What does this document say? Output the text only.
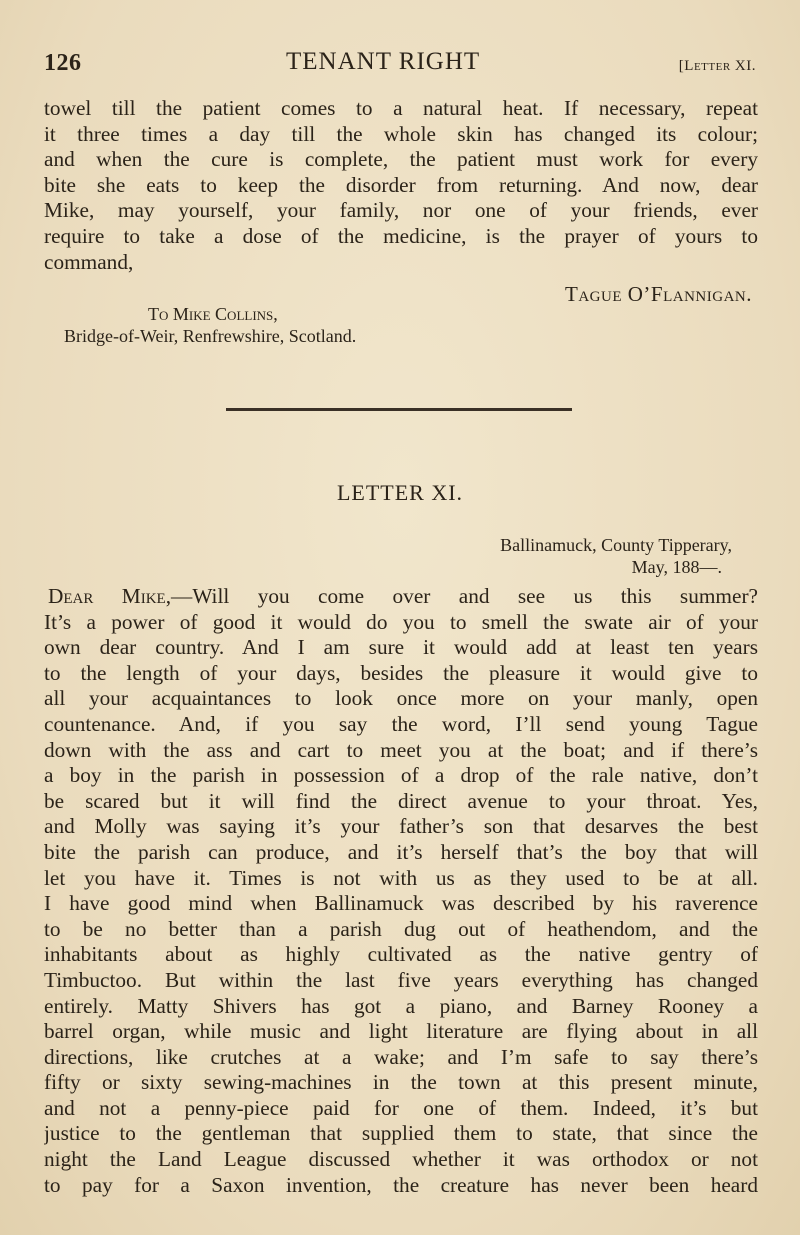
126	TENANT RIGHT	[Letter XI.
towel till the patient comes to a natural heat. If necessary, repeat
it three times a day till the whole skin has changed its colour;
and when the cure is complete, the patient must work for every
bite she eats to keep the disorder from returning. And now, dear
Mike, may yourself, your family, nor one of your friends, ever
require to take a dose of the medicine, is the prayer of yours to
command,
Tague O’Flannigan.
To Mike Collins,
Bridge-of-Weir, Renfrewshire, Scotland.
LETTER XI.
Ballinamuck, County Tipperary,
May, 188—.
Dear Mike,—Will you come over and see us this summer?
It’s a power of good it would do you to smell the swate air of your
own dear country. And I am sure it would add at least ten years
to the length of your days, besides the pleasure it would give to
all your acquaintances to look once more on your manly, open
countenance. And, if you say the word, I’ll send young Tague
down with the ass and cart to meet you at the boat; and if there’s
a boy in the parish in possession of a drop of the rale native, don’t
be scared but it will find the direct avenue to your throat. Yes,
and Molly was saying it’s your father’s son that desarves the best
bite the parish can produce, and it’s herself that’s the boy that will
let you have it. Times is not with us as they used to be at all.
I have good mind when Ballinamuck was described by his raverence
to be no better than a parish dug out of heathendom, and the
inhabitants about as highly cultivated as the native gentry of
Timbuctoo. But within the last five years everything has changed
entirely. Matty Shivers has got a piano, and Barney Rooney a
barrel organ, while music and light literature are flying about in all
directions, like crutches at a wake; and I’m safe to say there’s
fifty or sixty sewing-machines in the town at this present minute,
and not a penny-piece paid for one of them. Indeed, it’s but
justice to the gentleman that supplied them to state, that since the
night the Land League discussed whether it was orthodox or not
to pay for a Saxon invention, the creature has never been heard
